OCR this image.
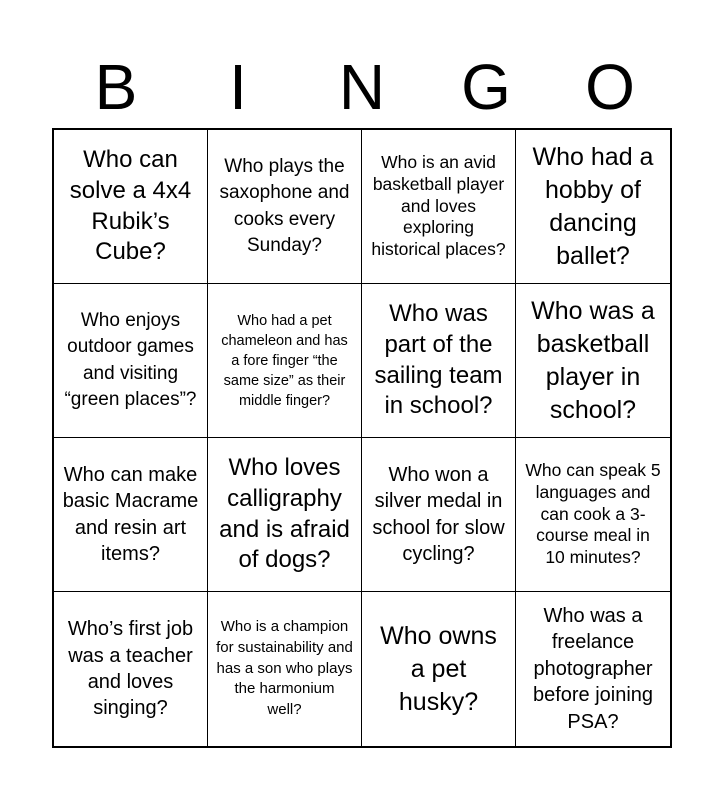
B	I	N	G	O
Who can solve a 4x4 Rubik’s Cube?
Who plays the saxophone and cooks every Sunday?
Who is an avid basketball player and loves exploring historical places?
Who had a hobby of dancing ballet?
Who enjoys outdoor games and visiting “green places”?
Who had a pet chameleon and has a fore finger “the same size” as their middle finger?
Who was part of the sailing team in school?
Who was a basketball player in school?
Who can make basic Macrame and resin art items?
Who loves calligraphy and is afraid of dogs?
Who won a silver medal in school for slow cycling?
Who can speak 5 languages and can cook a 3-course meal in 10 minutes?
Who’s first job was a teacher and loves singing?
Who is a champion for sustainability and has a son who plays the harmonium well?
Who owns a pet husky?
Who was a freelance photographer before joining PSA?
